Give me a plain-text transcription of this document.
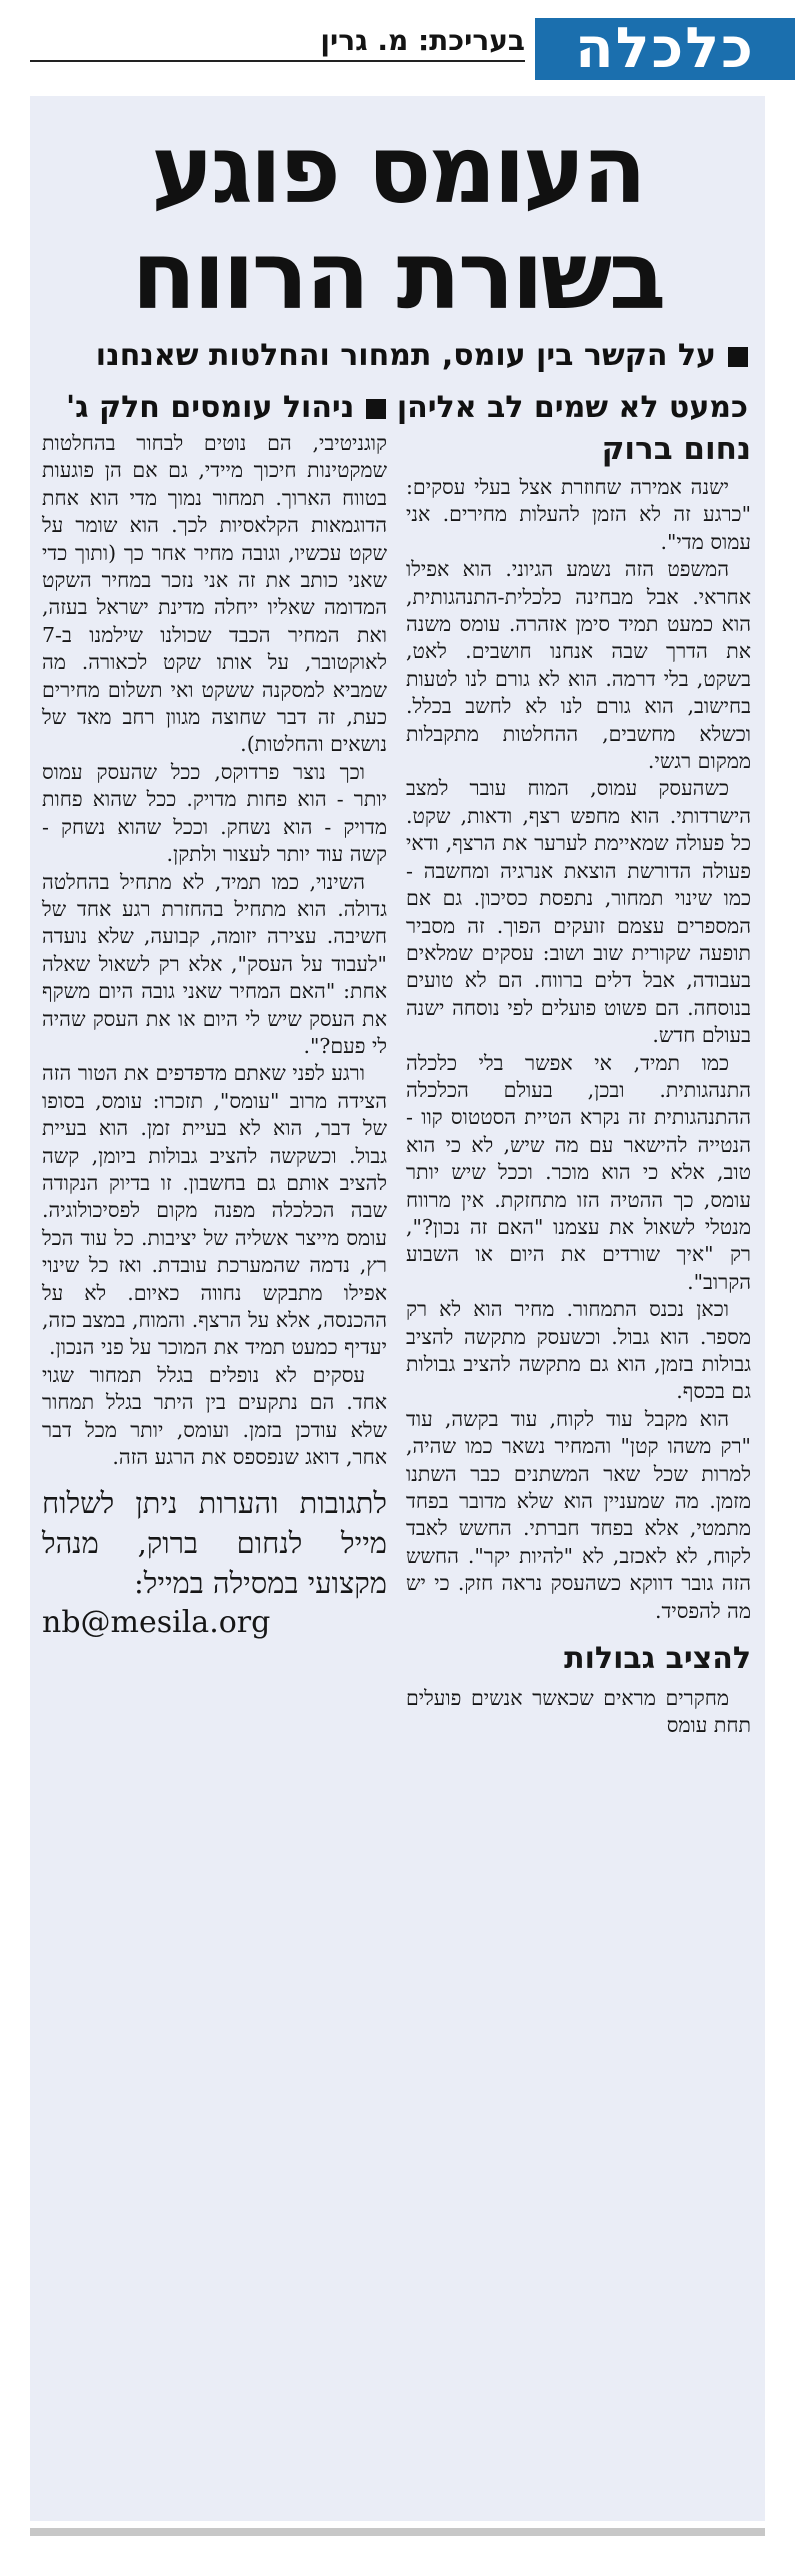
כלכלה
בעריכת: מ. גרין
העומס פוגע
בשורת הרווח
על הקשר בין עומס, תמחור והחלטות שאנחנו
כמעט לא שמים לב אליהן ניהול עומסים חלק ג'
נחום ברוק

ישנה אמירה שחוזרת אצל בעלי עסקים: "כרגע זה לא הזמן להעלות מחירים. אני עמוס מדי".

המשפט הזה נשמע הגיוני. הוא אפילו אחראי. אבל מבחינה כלכלית-התנהגותית, הוא כמעט תמיד סימן אזהרה. עומס משנה את הדרך שבה אנחנו חושבים. לאט, בשקט, בלי דרמה. הוא לא גורם לנו לטעות בחישוב, הוא גורם לנו לא לחשב בכלל. וכשלא מחשבים, ההחלטות מתקבלות ממקום רגשי.

כשהעסק עמוס, המוח עובר למצב הישרדותי. הוא מחפש רצף, ודאות, שקט. כל פעולה שמאיימת לערער את הרצף, ודאי פעולה הדורשת הוצאת אנרגיה ומחשבה - כמו שינוי תמחור, נתפסת כסיכון. גם אם המספרים עצמם זועקים הפוך. זה מסביר תופעה שקורית שוב ושוב: עסקים שמלאים בעבודה, אבל דלים ברווח. הם לא טועים בנוסחה. הם פשוט פועלים לפי נוסחה ישנה בעולם חדש.

כמו תמיד, אי אפשר בלי כלכלה התנהגותית. ובכן, בעולם הכלכלה ההתנהגותית זה נקרא הטיית הסטטוס קוו - הנטייה להישאר עם מה שיש, לא כי הוא טוב, אלא כי הוא מוכר. וככל שיש יותר עומס, כך ההטיה הזו מתחזקת. אין מרווח מנטלי לשאול את עצמנו "האם זה נכון?", רק "איך שורדים את היום או השבוע הקרוב".

וכאן נכנס התמחור. מחיר הוא לא רק מספר. הוא גבול. וכשעסק מתקשה להציב גבולות בזמן, הוא גם מתקשה להציב גבולות גם בכסף.

הוא מקבל עוד לקוח, עוד בקשה, עוד "רק משהו קטן" והמחיר נשאר כמו שהיה, למרות שכל שאר המשתנים כבר השתנו מזמן. מה שמעניין הוא שלא מדובר בפחד מתמטי, אלא בפחד חברתי. החשש לאבד לקוח, לא לאכזב, לא "להיות יקר". החשש הזה גובר דווקא כשהעסק נראה חזק. כי יש מה להפסיד.

להציב גבולות

מחקרים מראים שכאשר אנשים פועלים תחת עומס

קוגניטיבי, הם נוטים לבחור בהחלטות שמקטינות חיכוך מיידי, גם אם הן פוגעות בטווח הארוך. תמחור נמוך מדי הוא אחת הדוגמאות הקלאסיות לכך. הוא שומר על שקט עכשיו, וגובה מחיר אחר כך (ותוך כדי שאני כותב את זה אני נזכר במחיר השקט המדומה שאליו ייחלה מדינת ישראל בעזה, ואת המחיר הכבד שכולנו שילמנו ב-7 לאוקטובר, על אותו שקט לכאורה. מה שמביא למסקנה ששקט ואי תשלום מחירים כעת, זה דבר שחוצה מגוון רחב מאד של נושאים והחלטות).

וכך נוצר פרדוקס, ככל שהעסק עמוס יותר - הוא פחות מדויק. ככל שהוא פחות מדויק - הוא נשחק. וככל שהוא נשחק - קשה עוד יותר לעצור ולתקן.

השינוי, כמו תמיד, לא מתחיל בהחלטה גדולה. הוא מתחיל בהחזרת רגע אחד של חשיבה. עצירה יזומה, קבועה, שלא נועדה "לעבוד על העסק", אלא רק לשאול שאלה אחת: "האם המחיר שאני גובה היום משקף את העסק שיש לי היום או את העסק שהיה לי פעם?".

ורגע לפני שאתם מדפדפים את הטור הזה הצידה מרוב "עומס", תזכרו: עומס, בסופו של דבר, הוא לא בעיית זמן. הוא בעיית גבול. וכשקשה להציב גבולות ביומן, קשה להציב אותם גם בחשבון. זו בדיוק הנקודה שבה הכלכלה מפנה מקום לפסיכולוגיה. עומס מייצר אשליה של יציבות. כל עוד הכל רץ, נדמה שהמערכת עובדת. ואז כל שינוי אפילו מתבקש נחווה כאיום. לא על ההכנסה, אלא על הרצף. והמוח, במצב כזה, יעדיף כמעט תמיד את המוכר על פני הנכון.

עסקים לא נופלים בגלל תמחור שגוי אחד. הם נתקעים בין היתר בגלל תמחור שלא עודכן בזמן. ועומס, יותר מכל דבר אחר, דואג שנפספס את הרגע הזה.

לתגובות והערות ניתן לשלוח מייל לנחום ברוק, מנהל מקצועי במסילה במייל:
nb@mesila.org
